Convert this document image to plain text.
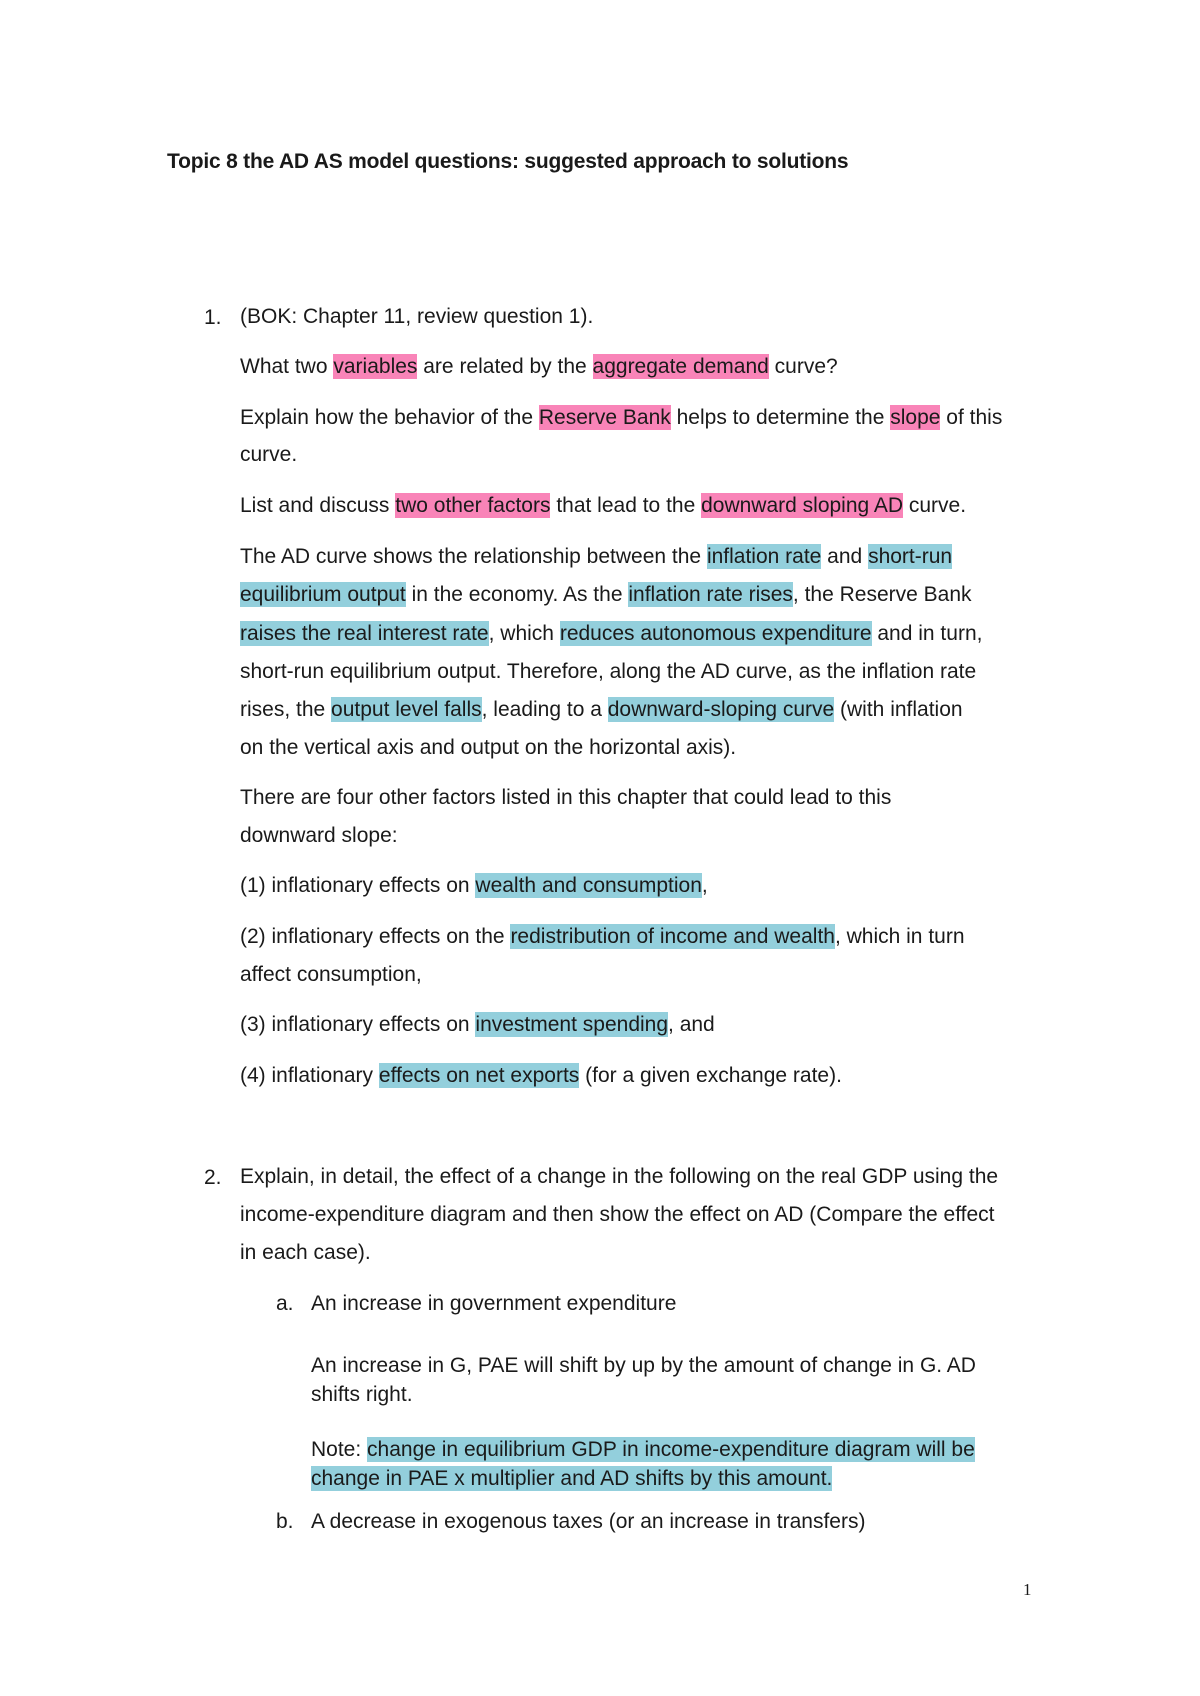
Topic 8 the AD AS model questions: suggested approach to solutions
1. (BOK: Chapter 11, review question 1).
What two variables are related by the aggregate demand curve?
Explain how the behavior of the Reserve Bank helps to determine the slope of this
curve.
List and discuss two other factors that lead to the downward sloping AD curve.
The AD curve shows the relationship between the inflation rate and short-run
equilibrium output in the economy. As the inflation rate rises, the Reserve Bank
raises the real interest rate, which reduces autonomous expenditure and in turn,
short-run equilibrium output. Therefore, along the AD curve, as the inflation rate
rises, the output level falls, leading to a downward-sloping curve (with inflation
on the vertical axis and output on the horizontal axis).
There are four other factors listed in this chapter that could lead to this
downward slope:
(1) inflationary effects on wealth and consumption,
(2) inflationary effects on the redistribution of income and wealth, which in turn
affect consumption,
(3) inflationary effects on investment spending, and
(4) inflationary effects on net exports (for a given exchange rate).
2. Explain, in detail, the effect of a change in the following on the real GDP using the
income-expenditure diagram and then show the effect on AD (Compare the effect
in each case).
a. An increase in government expenditure
An increase in G, PAE will shift by up by the amount of change in G. AD
shifts right.
Note: change in equilibrium GDP in income-expenditure diagram will be
change in PAE x multiplier and AD shifts by this amount.
b. A decrease in exogenous taxes (or an increase in transfers)
1
